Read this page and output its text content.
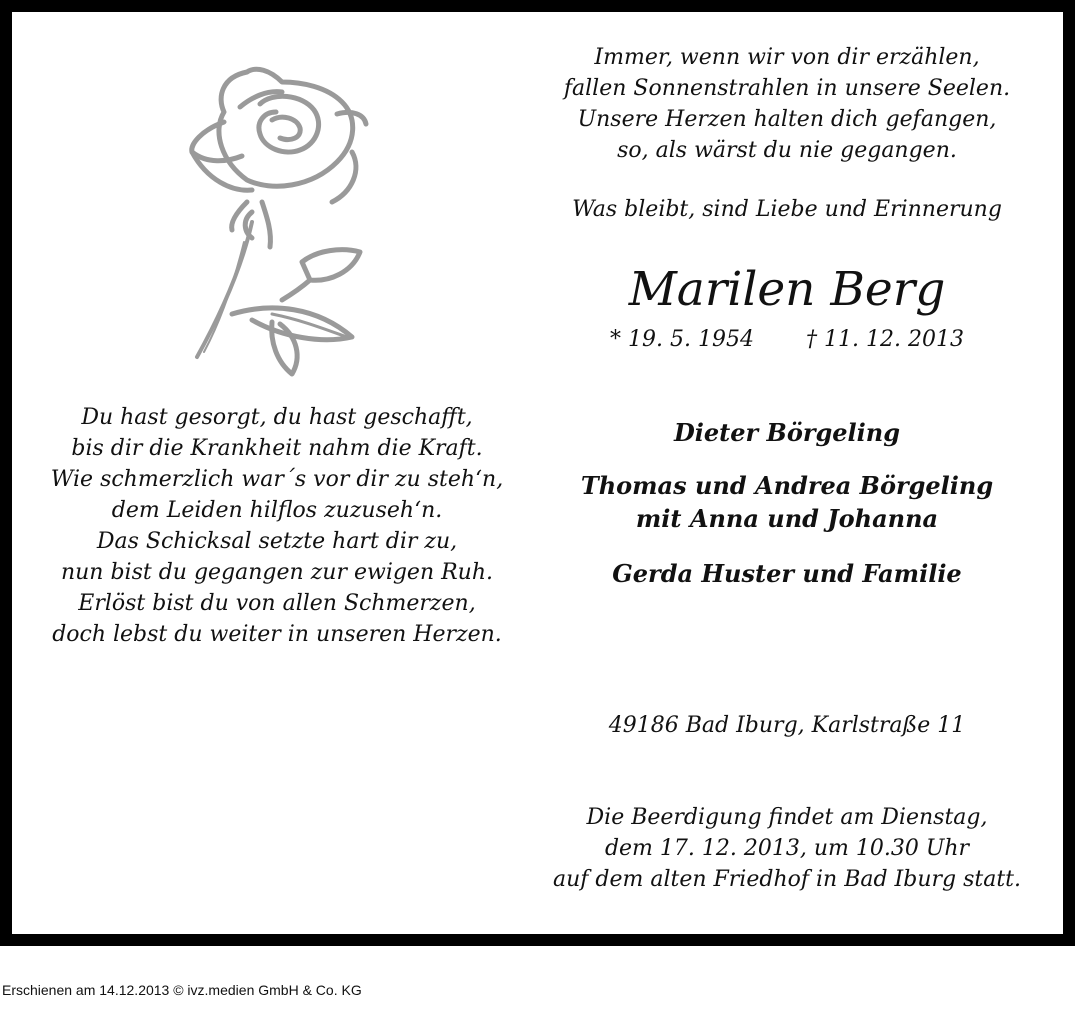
Immer, wenn wir von dir erzählen,
fallen Sonnenstrahlen in unsere Seelen.
Unsere Herzen halten dich gefangen,
so, als wärst du nie gegangen.
Was bleibt, sind Liebe und Erinnerung
Marilen Berg
* 19. 5. 1954 † 11. 12. 2013
Dieter Börgeling
Thomas und Andrea Börgeling
mit Anna und Johanna
Gerda Huster und Familie
49186 Bad Iburg, Karlstraße 11
Die Beerdigung findet am Dienstag,
dem 17. 12. 2013, um 10.30 Uhr
auf dem alten Friedhof in Bad Iburg statt.
Du hast gesorgt, du hast geschafft,
bis dir die Krankheit nahm die Kraft.
Wie schmerzlich war´s vor dir zu steh‘n,
dem Leiden hilflos zuzuseh‘n.
Das Schicksal setzte hart dir zu,
nun bist du gegangen zur ewigen Ruh.
Erlöst bist du von allen Schmerzen,
doch lebst du weiter in unseren Herzen.
Erschienen am 14.12.2013 © ivz.medien GmbH & Co. KG
